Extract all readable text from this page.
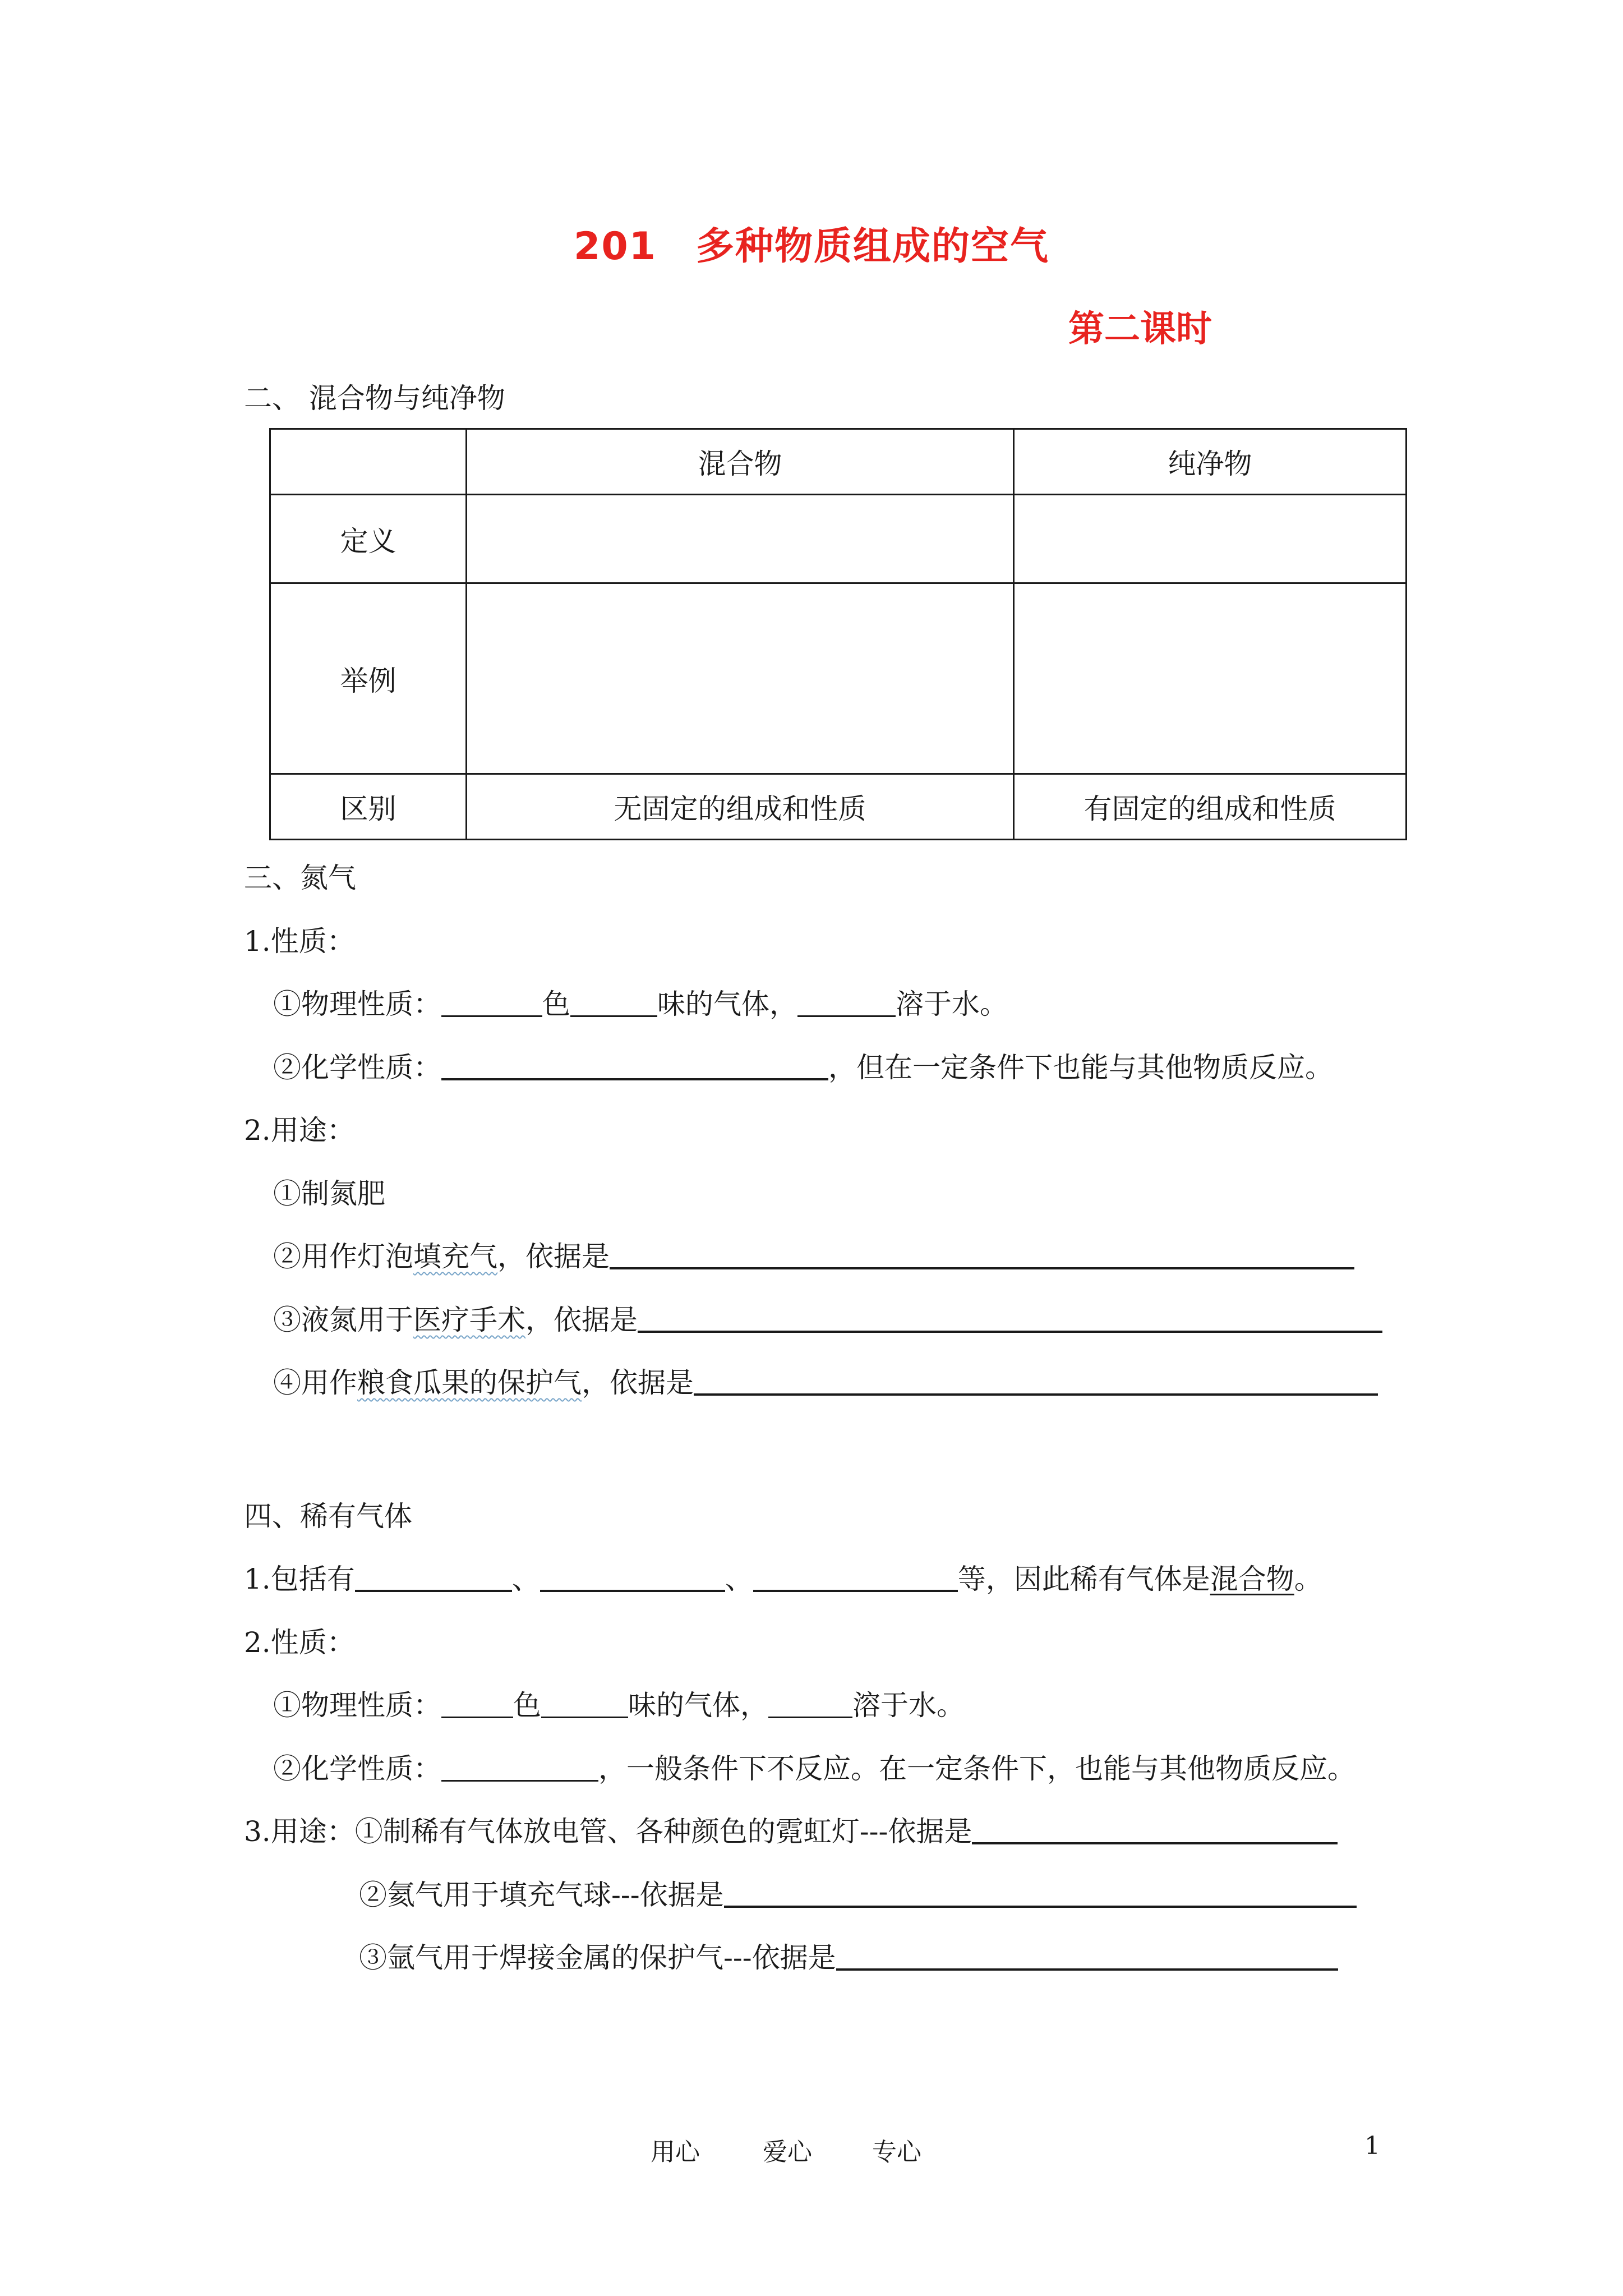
201 多种物质组成的空气
第二课时
二、 混合物与纯净物
	混合物	纯净物
定义		
举例		
区别	无固定的组成和性质	有固定的组成和性质
三、氮气
1.性质：
①物理性质：	色	味的气体，	溶于水。
②化学性质：	，但在一定条件下也能与其他物质反应。
2.用途：
①制氮肥
②用作灯泡填充气，依据是
③液氮用于医疗手术，依据是
④用作粮食瓜果的保护气，依据是
四、稀有气体
1.包括有	、	、	等，因此稀有气体是混合物。
2.性质：
①物理性质：	色	味的气体，	溶于水。
②化学性质：	，一般条件下不反应。在一定条件下，也能与其他物质反应。
3.用途：①制稀有气体放电管、各种颜色的霓虹灯---依据是
②氦气用于填充气球---依据是
③氩气用于焊接金属的保护气---依据是
用心	爱心 专心	1
